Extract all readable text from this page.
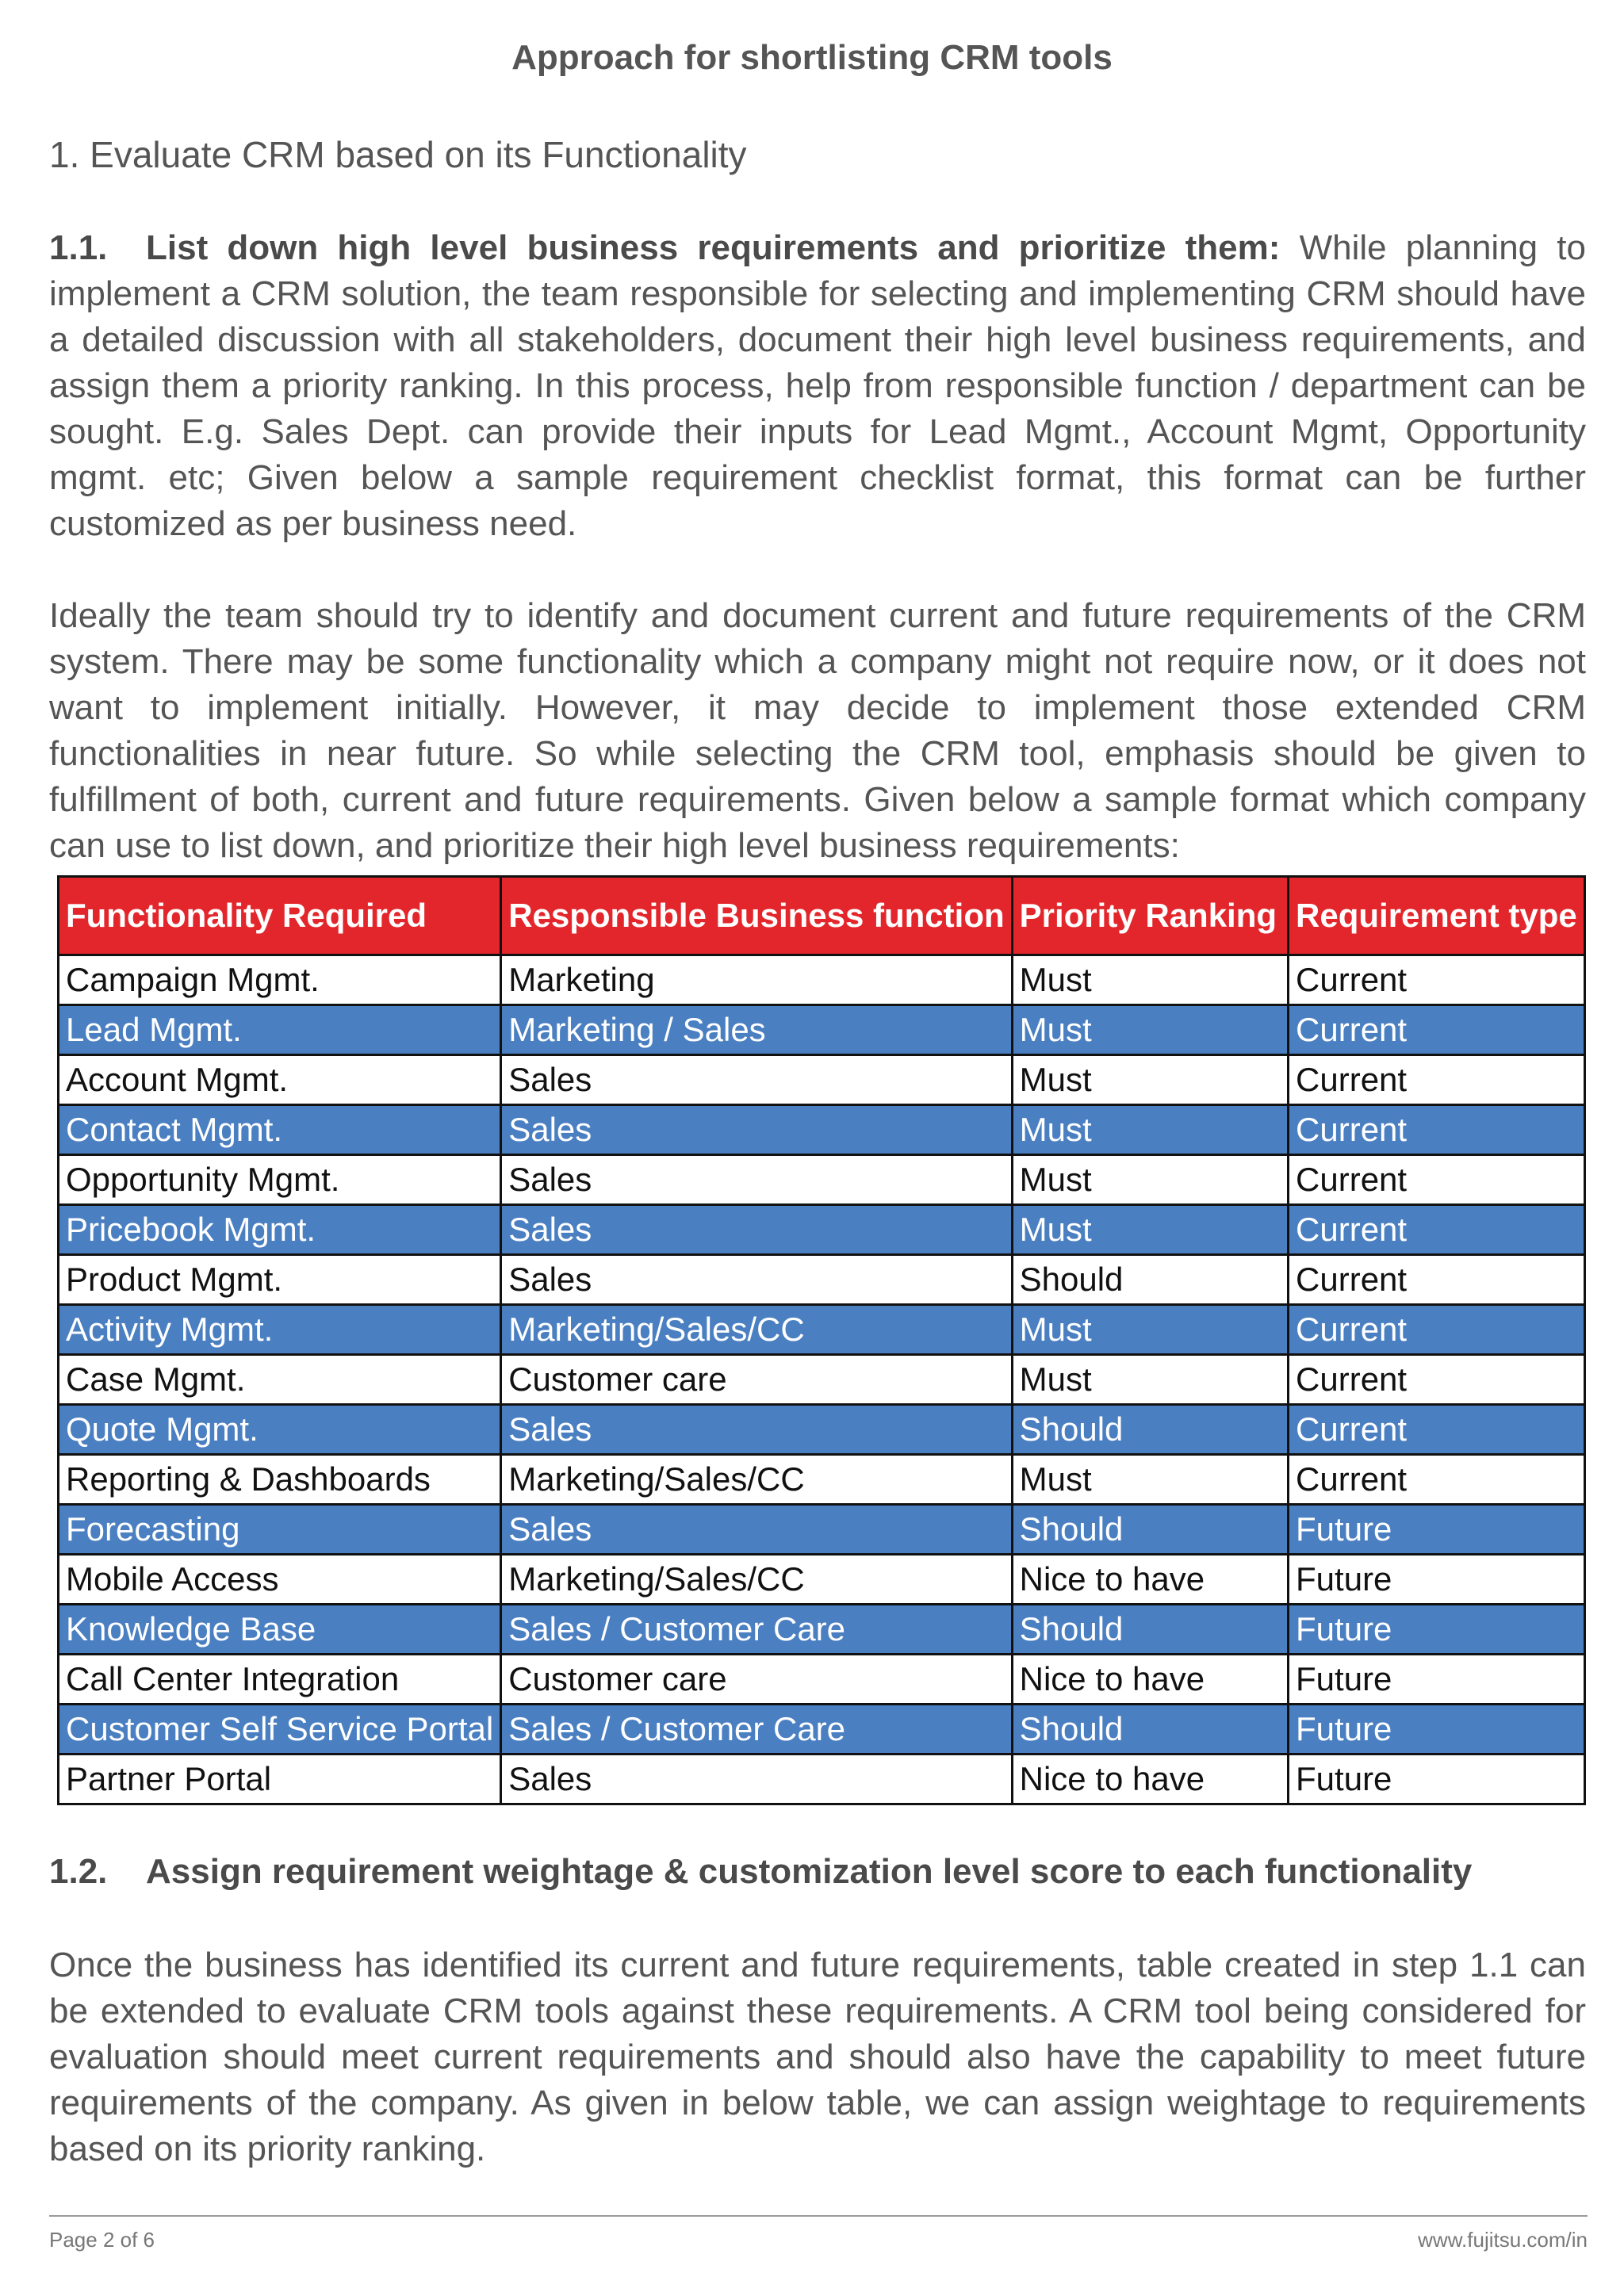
Approach for shortlisting CRM tools
1. Evaluate CRM based on its Functionality
1.1. List down high level business requirements and prioritize them: While planning to implement a CRM solution, the team responsible for selecting and implementing CRM should have a detailed discussion with all stakeholders, document their high level business requirements, and assign them a priority ranking. In this process, help from responsible function / department can be sought. E.g. Sales Dept. can provide their inputs for Lead Mgmt., Account Mgmt, Opportunity mgmt. etc; Given below a sample requirement checklist format, this format can be further customized as per business need.
Ideally the team should try to identify and document current and future requirements of the CRM system. There may be some functionality which a company might not require now, or it does not want to implement initially. However, it may decide to implement those extended CRM functionalities in near future. So while selecting the CRM tool, emphasis should be given to fulfillment of both, current and future requirements. Given below a sample format which company can use to list down, and prioritize their high level business requirements:
Functionality Required	Responsible Business function	Priority Ranking	Requirement type
Campaign Mgmt.	Marketing	Must	Current
Lead Mgmt.	Marketing / Sales	Must	Current
Account Mgmt.	Sales	Must	Current
Contact Mgmt.	Sales	Must	Current
Opportunity Mgmt.	Sales	Must	Current
Pricebook Mgmt.	Sales	Must	Current
Product Mgmt.	Sales	Should	Current
Activity Mgmt.	Marketing/Sales/CC	Must	Current
Case Mgmt.	Customer care	Must	Current
Quote Mgmt.	Sales	Should	Current
Reporting & Dashboards	Marketing/Sales/CC	Must	Current
Forecasting	Sales	Should	Future
Mobile Access	Marketing/Sales/CC	Nice to have	Future
Knowledge Base	Sales / Customer Care	Should	Future
Call Center Integration	Customer care	Nice to have	Future
Customer Self Service Portal	Sales / Customer Care	Should	Future
Partner Portal	Sales	Nice to have	Future
1.2. Assign requirement weightage & customization level score to each functionality
Once the business has identified its current and future requirements, table created in step 1.1 can be extended to evaluate CRM tools against these requirements. A CRM tool being considered for evaluation should meet current requirements and should also have the capability to meet future requirements of the company. As given in below table, we can assign weightage to requirements based on its priority ranking.
Page 2 of 6	www.fujitsu.com/in
